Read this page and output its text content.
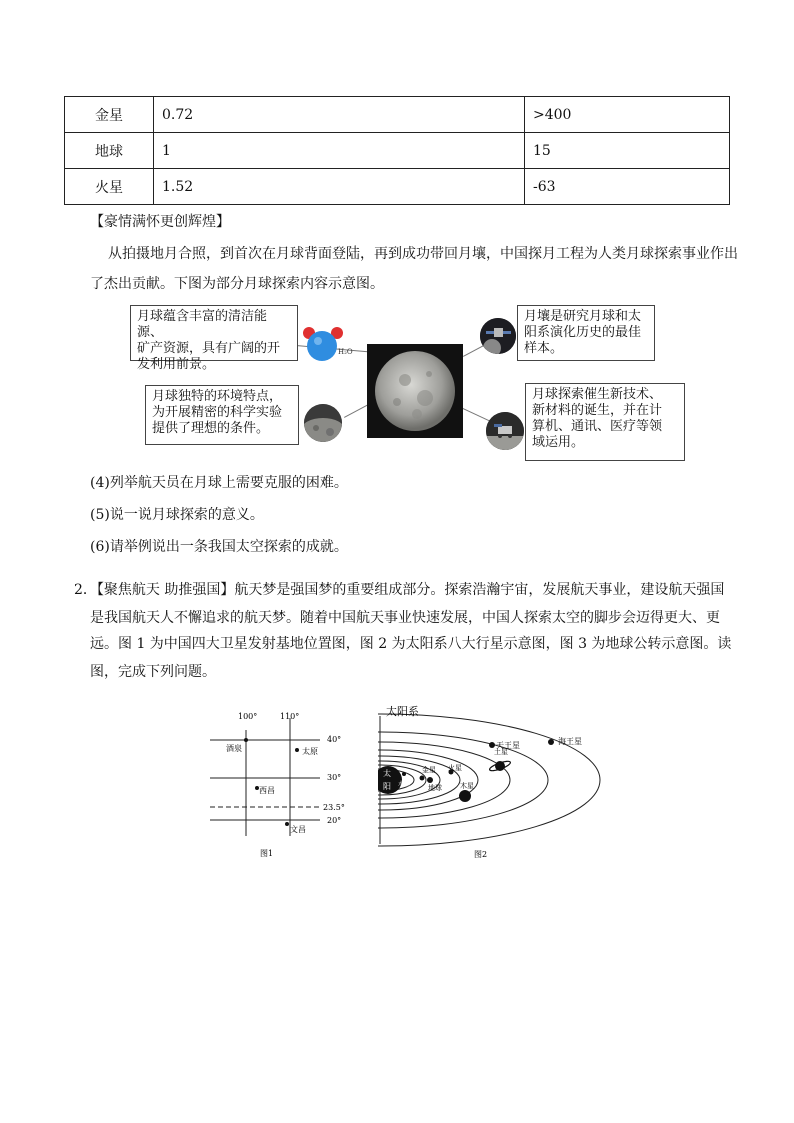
金星	0.72	>400
地球	1	15
火星	1.52	-63
【豪情满怀更创辉煌】
从拍摄地月合照，到首次在月球背面登陆，再到成功带回月壤，中国探月工程为人类月球探索事业作出
了杰出贡献。下图为部分月球探索内容示意图。
月球蕴含丰富的清洁能源、
矿产资源，具有广阔的开
发利用前景。
月壤是研究月球和太
阳系演化历史的最佳
样本。
月球独特的环境特点，
为开展精密的科学实验
提供了理想的条件。
月球探索催生新技术、
新材料的诞生，并在计
算机、通讯、医疗等领
域运用。
H₂O
(4)列举航天员在月球上需要克服的困难。
(5)说一说月球探索的意义。
(6)请举例说出一条我国太空探索的成就。
2．【聚焦航天 助推强国】航天梦是强国梦的重要组成部分。探索浩瀚宇宙，发展航天事业，建设航天强国
是我国航天人不懈追求的航天梦。随着中国航天事业快速发展，中国人探索太空的脚步会迈得更大、更
远。图 1 为中国四大卫星发射基地位置图，图 2 为太阳系八大行星示意图，图 3 为地球公转示意图。读
图，完成下列问题。
100°	110°
40°
30°
23.5°
20°
酒泉	太原
西昌
文昌
图1
太
阳
太阳系
水星
金星
地球
火星
木星
土星
天王星	海王星
图2
